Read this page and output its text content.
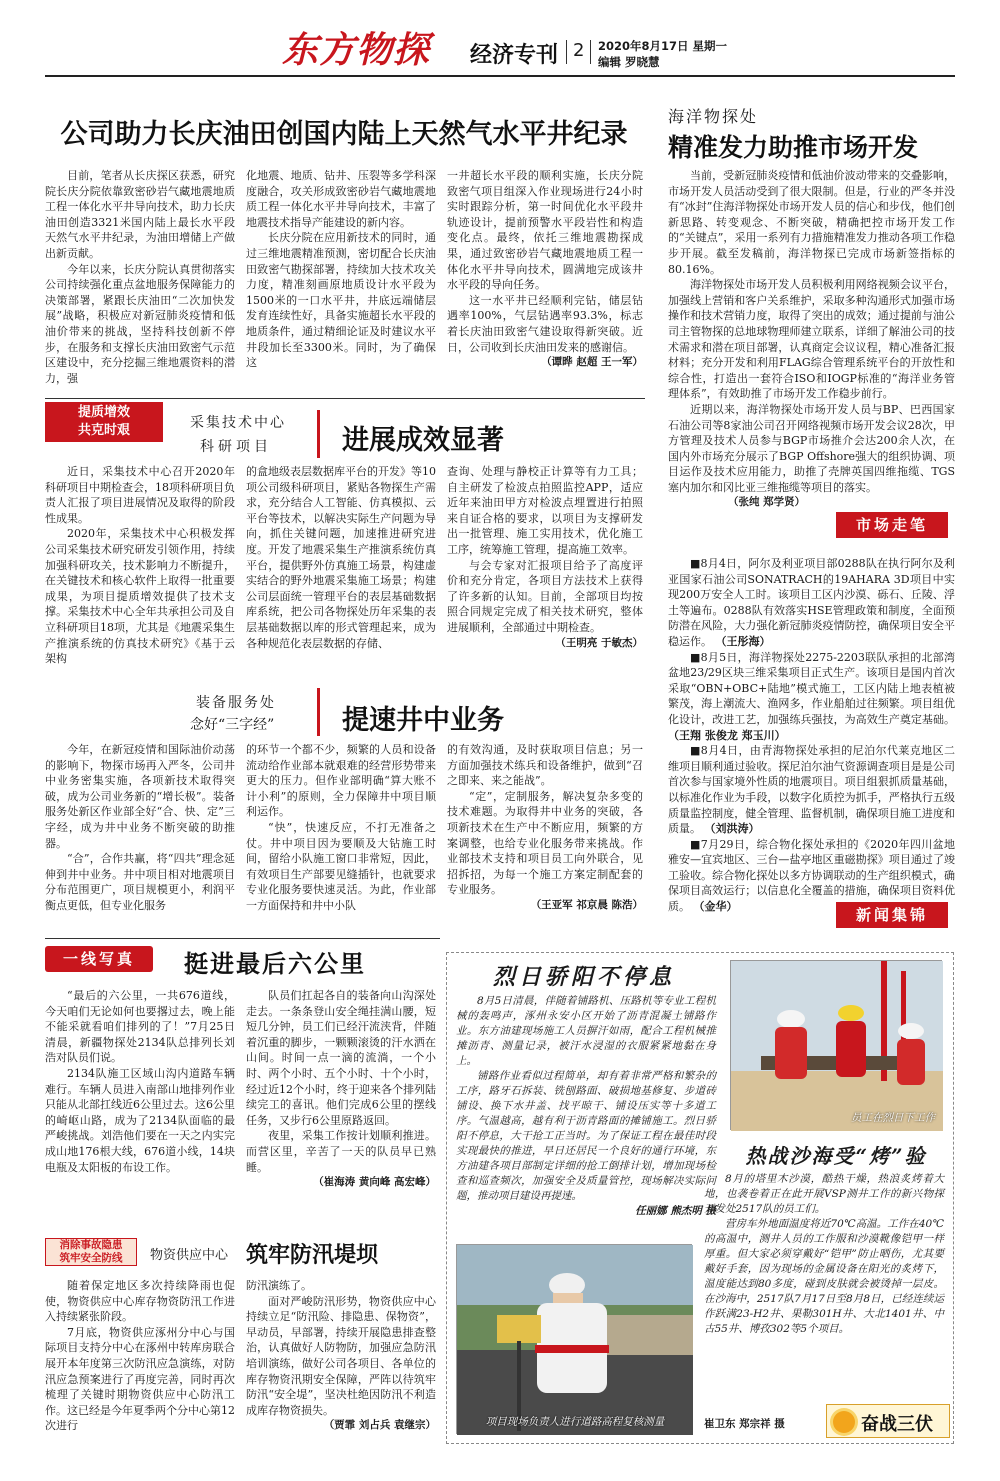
东方物探 经济专刊 2 2020年8月17日 星期一
编辑 罗晓慧
公司助力长庆油田创国内陆上天然气水平井纪录

目前，笔者从长庆探区获悉，研究院长庆分院依靠致密砂岩气藏地震地质工程一体化水平井导向技术，助力长庆油田创造3321米国内陆上最长水平段天然气水平井纪录，为油田增储上产做出新贡献。

今年以来，长庆分院认真贯彻落实公司持续强化重点盆地服务保障能力的决策部署，紧跟长庆油田“二次加快发展”战略，积极应对新冠肺炎疫情和低油价带来的挑战，坚持科技创新不停步，在服务和支撑长庆油田致密气示范区建设中，充分挖掘三维地震资料的潜力，强

化地震、地质、钻井、压裂等多学科深度融合，攻关形成致密砂岩气藏地震地质工程一体化水平井导向技术，丰富了地震技术指导产能建设的新内容。

长庆分院在应用新技术的同时，通过三维地震精准预测，密切配合长庆油田致密气勘探部署，持续加大技术攻关力度，精准刻画原地质设计水平段为1500米的一口水平井，井底远端储层发育连续性好，具备实施超长水平段的地质条件，通过精细论证及时建议水平井段加长至3300米。同时，为了确保这

一井超长水平段的顺利实施，长庆分院致密气项目组深入作业现场进行24小时实时跟踪分析，第一时间优化水平段井轨迹设计，提前预警水平段岩性和构造变化点。最终，依托三维地震勘探成果，通过致密砂岩气藏地震地质工程一体化水平井导向技术，圆满地完成该井水平段的导向任务。

这一水平井已经顺利完钻，储层钻遇率100%，气层钻遇率93.3%，标志着长庆油田致密气建设取得新突破。近日，公司收到长庆油田发来的感谢信。

（谭晔 赵超 王一军）
海洋物探处
精准发力助推市场开发

当前，受新冠肺炎疫情和低油价波动带来的交叠影响，市场开发人员活动受到了很大限制。但是，行业的严冬并没有“冰封”住海洋物探处市场开发人员的信心和步伐，他们创新思路、转变观念、不断突破，精确把控市场开发工作的“关键点”，采用一系列有力措施精准发力推动各项工作稳步开展。截至发稿前，海洋物探已完成市场新签指标的80.16%。

海洋物探处市场开发人员积极利用网络视频会议平台，加强线上营销和客户关系维护，采取多种沟通形式加强市场操作和技术营销力度，取得了突出的成效；通过提前与油公司主管物探的总地球物理师建立联系，详细了解油公司的技术需求和潜在项目部署，认真商定会议议程，精心准备汇报材料；充分开发和利用FLAG综合管理系统平台的开放性和综合性，打造出一套符合ISO和IOGP标准的“海洋业务管理体系”，有效助推了市场开发工作稳步前行。

近期以来，海洋物探处市场开发人员与BP、巴西国家石油公司等8家油公司召开网络视频市场开发会议28次，甲方管理及技术人员参与BGP市场推介会达200余人次，在国内外市场充分展示了BGP Offshore强大的组织协调、项目运作及技术应用能力，助推了壳牌英国四维拖缆、TGS塞内加尔和冈比亚三维拖缆等项目的落实。

（张纯 郑学贤）
市场走笔
提质增效
共克时艰	采集技术中心
科研项目	进展成效显著

近日，采集技术中心召开2020年科研项目中期检查会，18项科研项目负责人汇报了项目进展情况及取得的阶段性成果。

2020年，采集技术中心积极发挥公司采集技术研究研发引领作用，持续加强科研攻关，技术影响力不断提升，在关键技术和核心软件上取得一批重要成果，为项目提质增效提供了技术支撑。采集技术中心全年共承担公司及自立科研项目18项，尤其是《地震采集生产推演系统的仿真技术研究》《基于云架构

的盒地级表层数据库平台的开发》等10项公司级科研项目，紧贴各物探生产需求，充分结合人工智能、仿真模拟、云平台等技术，以解决实际生产问题为导向，抓住关键问题，加速推进研究进度。开发了地震采集生产推演系统仿真平台，提供野外仿真施工场景，构建虚实结合的野外地震采集施工场景；构建公司层面统一管理平台的表层基础数据库系统，把公司各物探处历年采集的表层基础数据以库的形式管理起来，成为各种规范化表层数据的存储、

查询、处理与静校正计算等有力工具；自主研发了检波点拍照监控APP，适应近年来油田甲方对检波点埋置进行拍照来自证合格的要求，以项目为支撑研发出一批管理、施工实用技术，优化施工工序，统筹施工管理，提高施工效率。

与会专家对汇报项目给予了高度评价和充分肯定，各项目方法技术上获得了许多新的认知。目前，全部项目均按照合同规定完成了相关技术研究，整体进展顺利，全部通过中期检查。

（王明亮 于敏杰）
装备服务处
念好“三字经”	提速井中业务

今年，在新冠疫情和国际油价动荡的影响下，物探市场再入严冬，公司井中业务密集实施，各项新技术取得突破，成为公司业务新的“增长极”。装备服务处新区作业部全好“合、快、定”三字经，成为井中业务不断突破的助推器。

“合”，合作共赢，将“四共”理念延伸到井中业务。井中项目相对地震项目分布范围更广，项目规模更小，利润平衡点更低，但专业化服务

的环节一个都不少，频繁的人员和设备流动给作业部本就艰难的经营形势带来更大的压力。但作业部明确“算大账不计小利”的原则，全力保障井中项目顺利运作。

“快”，快速反应，不打无准备之仗。井中项目因为要顺及大钻施工时间，留给小队施工窗口非常短，因此，有效项目生产部要见缝插针，也就要求专业化服务要快速灵活。为此，作业部一方面保持和井中小队

的有效沟通，及时获取项目信息；另一方面加强技术练兵和设备维护，做到“召之即来、来之能战”。

“定”，定制服务，解决复杂多变的技术难题。为取得井中业务的突破，各项新技术在生产中不断应用，频繁的方案调整，也给专业化服务带来挑战。作业部技术支持和项目员工向外联合，见招拆招，为每一个施工方案定制配套的专业服务。

（王亚军 祁京晨 陈浩）

■8月4日，阿尔及利亚项目部0288队在执行阿尔及利亚国家石油公司SONATRACH的19AHARA 3D项目中实现200万安全人工时。该项目工区内沙漠、砾石、丘陵、浮土等遍布。0288队有效落实HSE管理政策和制度，全面预防潜在风险，大力强化新冠肺炎疫情防控，确保项目安全平稳运作。 （王彤海）

■8月5日，海洋物探处2275-2203联队承担的北部湾盆地23/29区块三维采集项目正式生产。该项目是国内首次采取“OBN+OBC+陆地”模式施工，工区内陆上地表植被繁茂，海上潮流大、渔网多，作业船舶过往频繁。项目组优化设计，改进工艺，加强练兵强技，为高效生产奠定基础。 （王翔 张俊龙 郑玉川）

■8月4日，由青海物探处承担的尼泊尔代莱克地区二维项目顺利通过验收。探尼泊尔油气资源调查项目是是公司首次参与国家境外性质的地震项目。项目组狠抓质量基础，以标准化作业为手段，以数字化质控为抓手，严格执行五级质量监控制度，健全管理、监督机制，确保项目施工进度和质量。 （刘洪涛）

■7月29日，综合物化探处承担的《2020年四川盆地雅安—宜宾地区、三台—盐亭地区重磁勘探》项目通过了竣工验收。综合物化探处以多方协调联动的生产组织模式，确保项目高效运行；以信息化全覆盖的措施，确保项目资料优质。 （金华）	新闻集锦
一线写真	挺进最后六公里

“最后的六公里，一共676道线，今天咱们无论如何也要撂过去，晚上能不能采就看咱们排列的了！”7月25日清晨，新疆物探处2134队总排列长刘浩对队员们说。

2134队施工区域山沟内道路车辆难行。车辆人员进入南部山地排列作业只能从北部扛线近6公里过去。这6公里的崎岖山路，成为了2134队面临的最严峻挑战。刘浩他们要在一天之内实完成山地176根大线，676道小线，14块电瓶及太阳板的布设工作。

队员们扛起各自的装备向山沟深处走去。一条条登山安全绳挂满山腰，短短几分钟，员工们已经汗流浃背，伴随着沉重的脚步，一颗颗滚烫的汗水洒在山间。时间一点一滴的流淌，一个小时、两个小时、五个小时、十个小时，经过近12个小时，终于迎来各个排列陆续完工的喜讯。他们完成6公里的摆线任务，又步行6公里原路返回。

夜里，采集工作按计划顺利推进。而营区里，辛苦了一天的队员早已熟睡。

（崔海涛 黄向峰 高宏峰）
消除事故隐患
筑牢安全防线	物资供应中心 筑牢防汛堤坝

随着保定地区多次持续降雨也促使，物资供应中心库存物资防汛工作进入持续紧张阶段。

7月底，物资供应涿州分中心与国际项目支持分中心在涿州中转库房联合展开本年度第三次防汛应急演练，对防汛应急预案进行了再度完善，同时再次梳理了关键时期物资供应中心防汛工作。这已经是今年夏季两个分中心第12次进行

防汛演练了。

面对严峻防汛形势，物资供应中心持续立足“防汛险、排隐患、保物资”，早动员，早部署，持续开展隐患排查整治，认真做好人防物防，加强应急防汛培训演练，做好公司各项目、各单位的库存物资汛期安全保障，严阵以待筑牢防汛“安全堤”，坚决杜绝因防汛不利造成库存物资损失。

（贾霏 刘占兵 袁继宗）
烈日骄阳不停息

8月5日清晨，伴随着铺路机、压路机等专业工程机械的轰鸣声，涿州永安小区开始了沥青混凝土铺路作业。东方油建现场施工人员摒汗如雨，配合工程机械推摊沥青、测量记录，被汗水浸湿的衣服紧紧地黏在身上。

铺路作业看似过程简单，却有着非常严格和繁杂的工序，路牙石拆装、铣刨路面、破损地基修复、步道砖铺设、换下水井盖、找平晾干、铺设压实等十多道工序。气温越高，越有利于沥青路面的摊铺施工。烈日骄阳不停息，大干抢工正当时。为了保证工程在最佳时段实现最快的推进，早日还居民一个良好的通行环境，东方油建各项目部制定详细的抢工倒排计划，增加现场检查和巡查频次，加强安全及质量管控，现场解决实际问题，推动项目建设再提速。

任丽娜 熊杰明 摄
项目现场负责人进行道路高程复核测量
员工在烈日下工作
热战沙海受“烤”验

8月的塔里木沙漠，酷热干燥，热浪炙烤着大地，也袭卷着正在此开展VSP测井工作的新兴物探开发处2517队的员工们。

营房车外地面温度将近70℃高温。工作在40℃的高温中，测井人员的工作服和沙漠靴像铠甲一样厚重。但大家必须穿戴好“铠甲”防止晒伤，尤其要戴好手套，因为现场的金属设备在阳光的炙烤下，温度能达到80多度，碰到皮肤就会被烫掉一层皮。在沙海中，2517队7月17日至8月8日，已经连续运作跃满23-H2井、果勒301H井、大北1401井、中古55井、博孜302等5个项目。

崔卫东 郑宗祥 摄	奋战三伏
